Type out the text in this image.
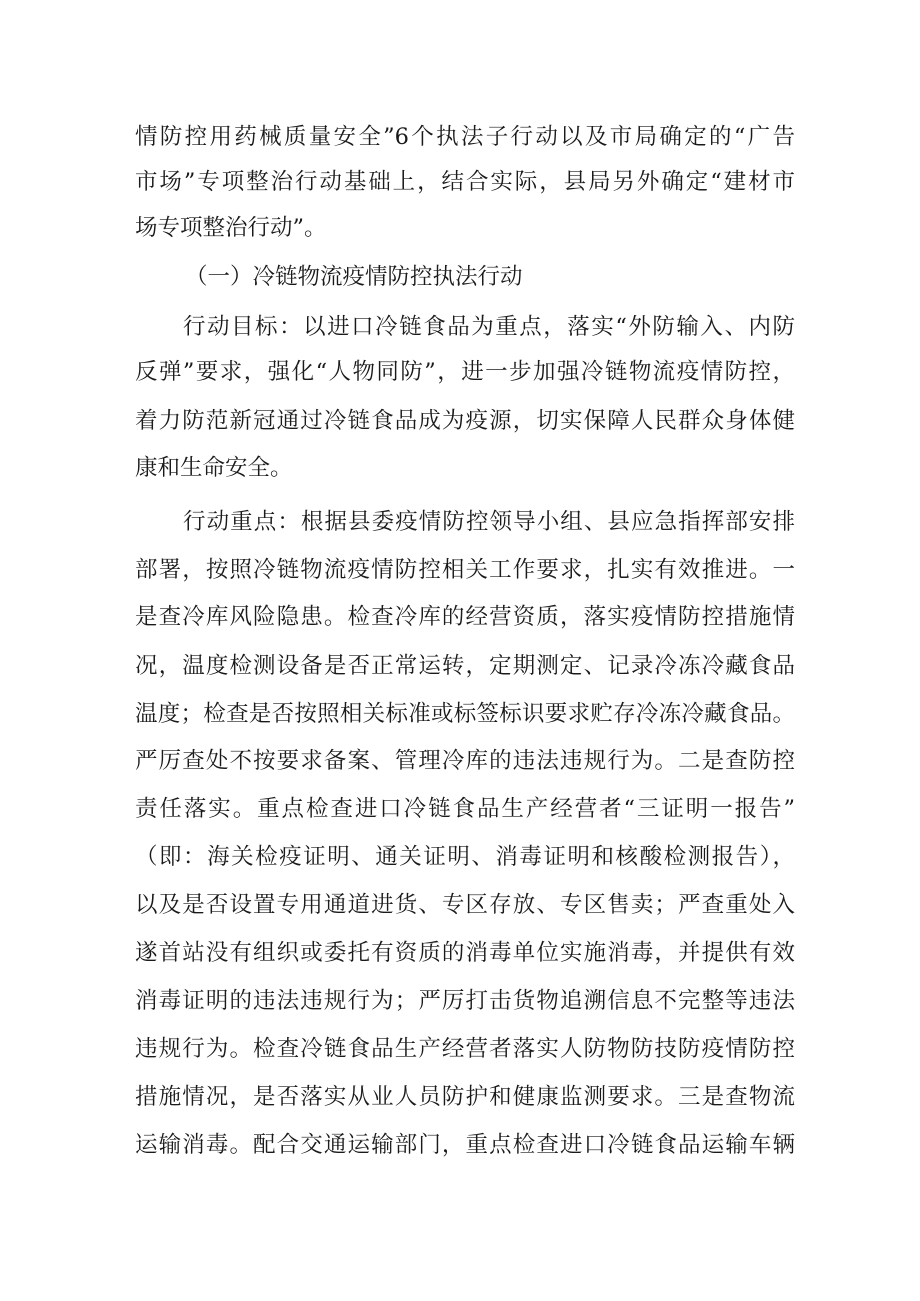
情防控用药械质量安全”6个执法子行动以及市局确定的“广告
市场”专项整治行动基础上，结合实际，县局另外确定“建材市
场专项整治行动”。
（一）冷链物流疫情防控执法行动
行动目标：以进口冷链食品为重点，落实“外防输入、内防
反弹”要求，强化“人物同防”，进一步加强冷链物流疫情防控，
着力防范新冠通过冷链食品成为疫源，切实保障人民群众身体健
康和生命安全。
行动重点：根据县委疫情防控领导小组、县应急指挥部安排
部署，按照冷链物流疫情防控相关工作要求，扎实有效推进。一
是查冷库风险隐患。检查冷库的经营资质，落实疫情防控措施情
况，温度检测设备是否正常运转，定期测定、记录冷冻冷藏食品
温度；检查是否按照相关标准或标签标识要求贮存冷冻冷藏食品。
严厉查处不按要求备案、管理冷库的违法违规行为。二是查防控
责任落实。重点检查进口冷链食品生产经营者“三证明一报告”
（即：海关检疫证明、通关证明、消毒证明和核酸检测报告），
以及是否设置专用通道进货、专区存放、专区售卖；严查重处入
遂首站没有组织或委托有资质的消毒单位实施消毒，并提供有效
消毒证明的违法违规行为；严厉打击货物追溯信息不完整等违法
违规行为。检查冷链食品生产经营者落实人防物防技防疫情防控
措施情况，是否落实从业人员防护和健康监测要求。三是查物流
运输消毒。配合交通运输部门，重点检查进口冷链食品运输车辆
